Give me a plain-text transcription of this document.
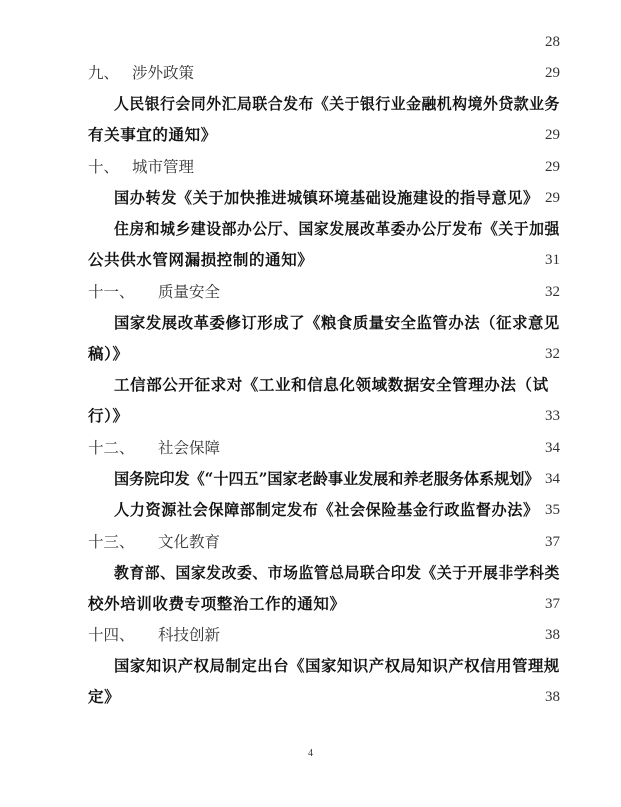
28
九、 涉外政策	29
人民银行会同外汇局联合发布《关于银行业金融机构境外贷款业务
有关事宜的通知》	29
十、 城市管理	29
国办转发《关于加快推进城镇环境基础设施建设的指导意见》 29
住房和城乡建设部办公厅、国家发展改革委办公厅发布《关于加强
公共供水管网漏损控制的通知》	31
十一、 质量安全	32
国家发展改革委修订形成了《粮食质量安全监管办法（征求意见
稿）》	32
工信部公开征求对《工业和信息化领域数据安全管理办法（试
行）》	33
十二、 社会保障	34
国务院印发《“十四五”国家老龄事业发展和养老服务体系规划》 34
人力资源社会保障部制定发布《社会保险基金行政监督办法》 35
十三、 文化教育	37
教育部、国家发改委、市场监管总局联合印发《关于开展非学科类
校外培训收费专项整治工作的通知》	37
十四、 科技创新	38
国家知识产权局制定出台《国家知识产权局知识产权信用管理规
定》	38
4
